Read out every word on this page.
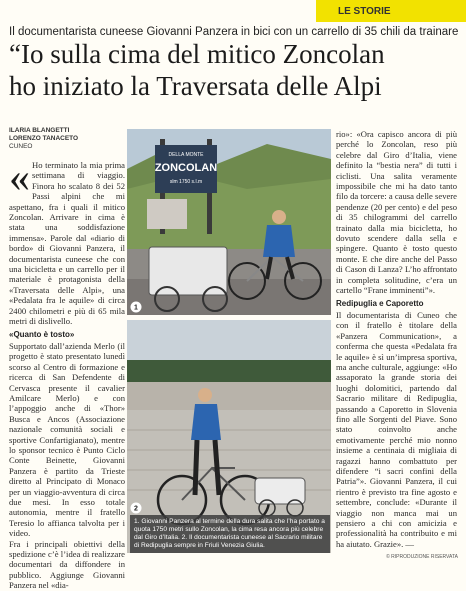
LE STORIE
Il documentarista cuneese Giovanni Panzera in bici con un carrello di 35 chili da trainare
“Io sulla cima del mitico Zoncolan
ho iniziato la Traversata delle Alpi
ILARIA BLANGETTI
LORENZO TANACETO
CUNEO
« Ho terminato la mia prima settimana di viaggio. Finora ho scalato 8 dei 52 Passi alpini che mi aspettano, fra i quali il mitico Zoncolan. Arrivare in cima è stata una soddisfazione immensa». Parole dal «diario di bordo» di Giovanni Panzera, il documentarista cuneese che con una bicicletta e un carrello per il materiale è protagonista della «Traversata delle Alpi», una «Pedalata fra le aquile» di circa 2400 chilometri e più di 65 mila metri di dislivello.
«Quanto è tosto»
Supportato dall’azienda Merlo (il progetto è stato presentato lunedì scorso al Centro di formazione e ricerca di San Defendente di Cervasca presente il cavalier Amilcare Merlo) e con l’appoggio anche di «Thor» Busca e Ancos (Associazione nazionale comunità sociali e sportive Confartigianato), mentre lo sponsor tecnico è Punto Ciclo Conte Beinette, Giovanni Panzera è partito da Trieste diretto al Principato di Monaco per un viaggio-avventura di circa due mesi. In esso totale autonomia, mentre il fratello Teresio lo affianca talvolta per i video.
Fra i principali obiettivi della spedizione c’è l’idea di realizzare documentari da diffondere in pubblico. Aggiunge Giovanni Panzera nel «dia-
DELLA MONTE
ZONCOLAN
slm 1750 s.l.m
1
2
1. Giovanni Panzera al termine della dura salita che l’ha portato a quota 1750 metri sullo Zoncolan, la cima resa ancora più celebre dal Giro d’Italia. 2. Il documentarista cuneese al Sacrario militare di Redipuglia sempre in Friuli Venezia Giulia.
rio»: «Ora capisco ancora di più perché lo Zoncolan, reso più celebre dal Giro d’Italia, viene definito la “bestia nera” di tutti i ciclisti. Una salita veramente impossibile che mi ha dato tanto filo da torcere: a causa delle severe pendenze (20 per cento) e del peso di 35 chilogrammi del carrello trainato dalla mia bicicletta, ho dovuto scendere dalla sella e spingere. Quanto è tosto questo monte. E che dire anche del Passo di Cason di Lanza? L’ho affrontato in completa solitudine, c’era un cartello “Frane imminenti”».
Redipuglia e Caporetto
Il documentarista di Cuneo che con il fratello è titolare della «Panzera Communication», a conferma che questa «Pedalata fra le aquile» è sì un’impresa sportiva, ma anche culturale, aggiunge: «Ho assaporato la grande storia dei luoghi dolomitici, partendo dal Sacrario militare di Redipuglia, passando a Caporetto in Slovenia fino alle Sorgenti del Piave. Sono stato coinvolto anche emotivamente perché mio nonno insieme a centinaia di migliaia di ragazzi hanno combattuto per difendere “i sacri confini della Patria”». Giovanni Panzera, il cui rientro è previsto tra fine agosto e settembre, conclude: «Durante il viaggio non manca mai un pensiero a chi con amicizia e professionalità ha contribuito e mi ha aiutato. Grazie». —
© RIPRODUZIONE RISERVATA
